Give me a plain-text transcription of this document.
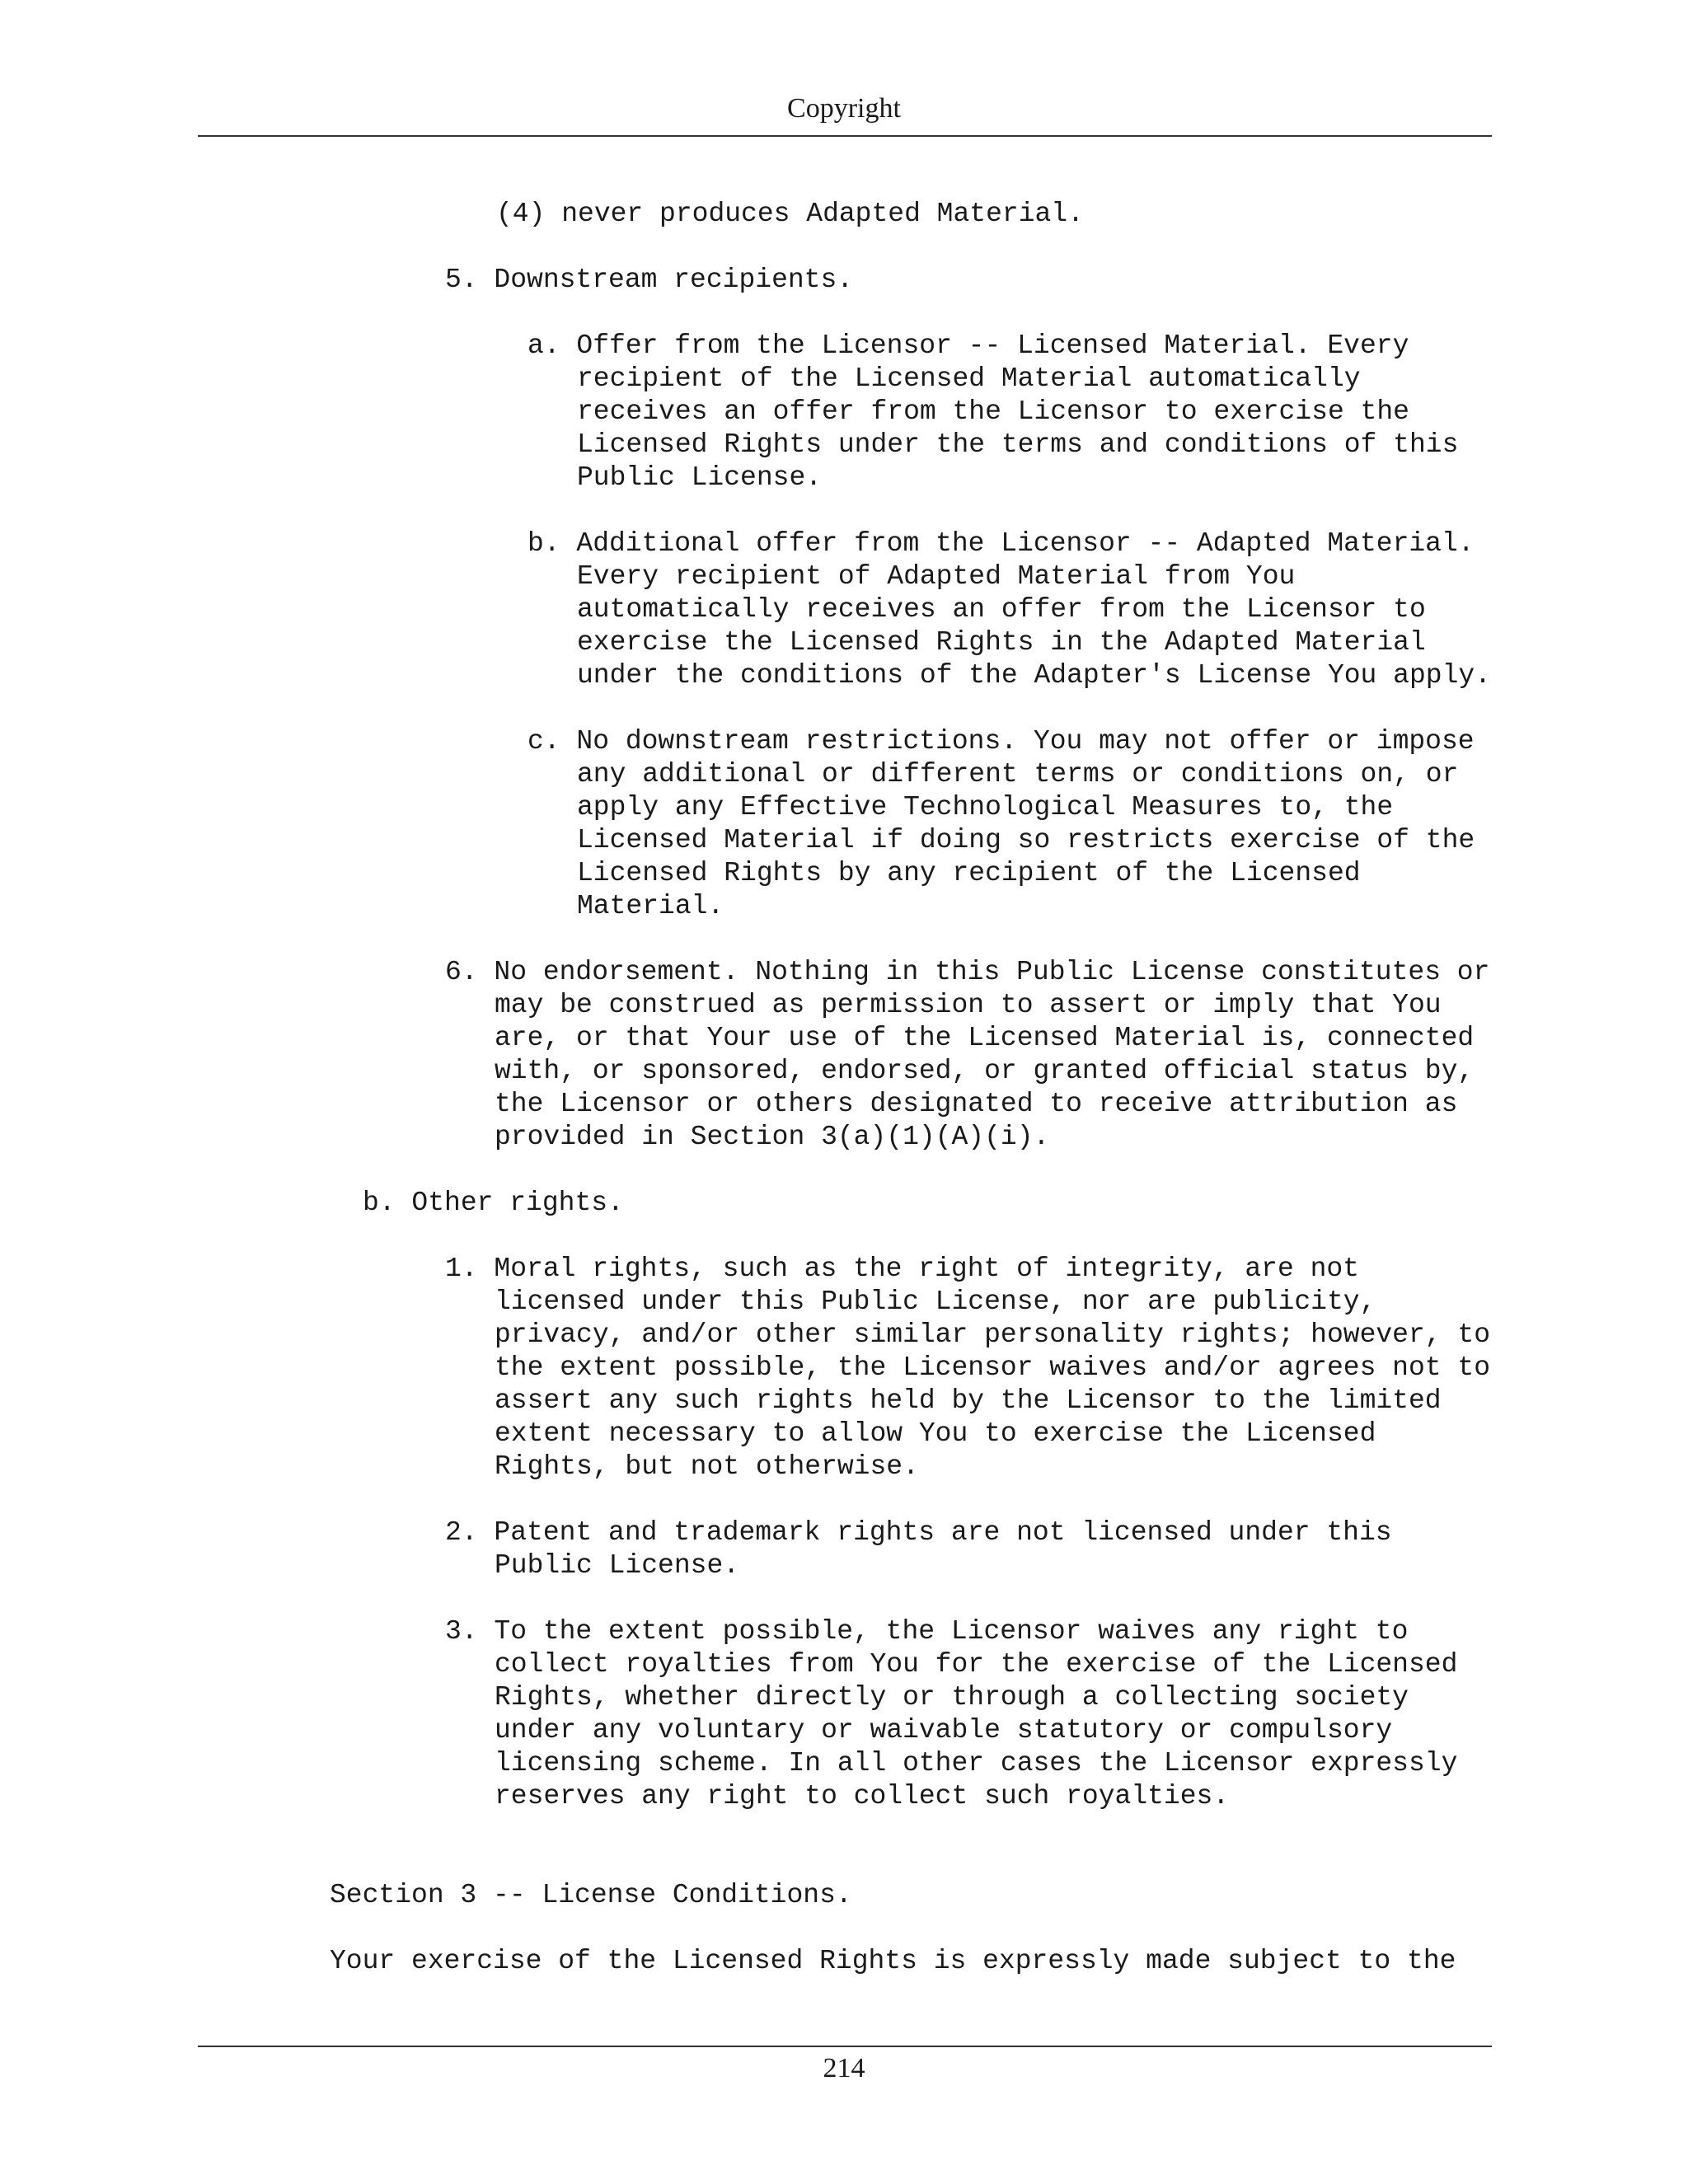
Copyright

(4) never produces Adapted Material.

5. Downstream recipients.

a. Offer from the Licensor -- Licensed Material. Every

recipient of the Licensed Material automatically

receives an offer from the Licensor to exercise the

Licensed Rights under the terms and conditions of this

Public License.

b. Additional offer from the Licensor -- Adapted Material.

Every recipient of Adapted Material from You

automatically receives an offer from the Licensor to

exercise the Licensed Rights in the Adapted Material

under the conditions of the Adapter's License You apply.

c. No downstream restrictions. You may not offer or impose

any additional or different terms or conditions on, or

apply any Effective Technological Measures to, the

Licensed Material if doing so restricts exercise of the

Licensed Rights by any recipient of the Licensed

Material.

6. No endorsement. Nothing in this Public License constitutes or

may be construed as permission to assert or imply that You

are, or that Your use of the Licensed Material is, connected

with, or sponsored, endorsed, or granted official status by,

the Licensor or others designated to receive attribution as

provided in Section 3(a)(1)(A)(i).

b. Other rights.

1. Moral rights, such as the right of integrity, are not

licensed under this Public License, nor are publicity,

privacy, and/or other similar personality rights; however, to

the extent possible, the Licensor waives and/or agrees not to

assert any such rights held by the Licensor to the limited

extent necessary to allow You to exercise the Licensed

Rights, but not otherwise.

2. Patent and trademark rights are not licensed under this

Public License.

3. To the extent possible, the Licensor waives any right to

collect royalties from You for the exercise of the Licensed

Rights, whether directly or through a collecting society

under any voluntary or waivable statutory or compulsory

licensing scheme. In all other cases the Licensor expressly

reserves any right to collect such royalties.

Section 3 -- License Conditions.

Your exercise of the Licensed Rights is expressly made subject to the

214
